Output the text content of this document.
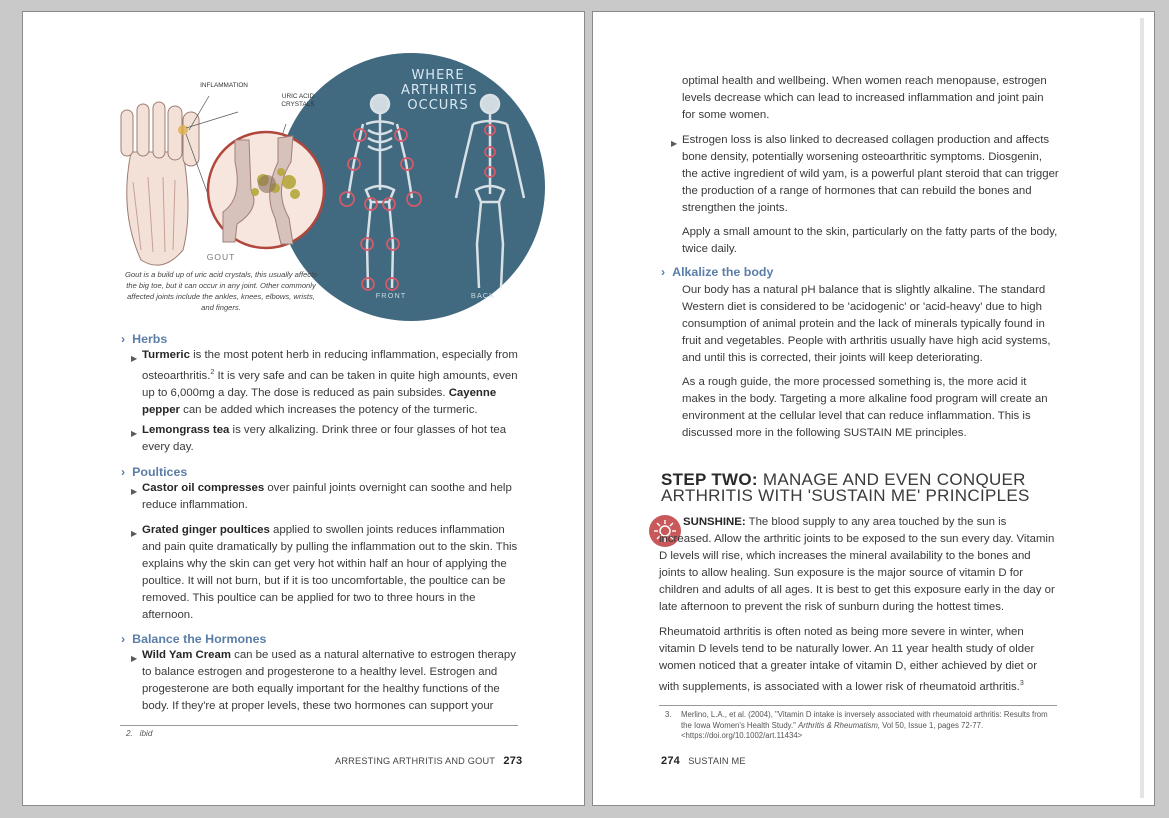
INFLAMMATION
URIC ACID
CRYSTALS
GOUT
Gout is a build up of uric acid crystals, this usually affects the big toe, but it can occur in any joint. Other commonly affected joints include the ankles, knees, elbows, wrists, and fingers.
WHERE ARTHRITIS OCCURS
FRONT	BACK
› Herbs
▶ Turmeric is the most potent herb in reducing inflammation, especially from osteoarthritis.$^2$ It is very safe and can be taken in quite high amounts, even up to 6,000mg a day. The dose is reduced as pain subsides. Cayenne pepper can be added which increases the potency of the turmeric.
▶ Lemongrass tea is very alkalizing. Drink three or four glasses of hot tea every day.
› Poultices
▶ Castor oil compresses over painful joints overnight can soothe and help reduce inflammation.
▶ Grated ginger poultices applied to swollen joints reduces inflammation and pain quite dramatically by pulling the inflammation out to the skin. This explains why the skin can get very hot within half an hour of applying the poultice. It will not burn, but if it is too uncomfortable, the poultice can be removed. This poultice can be applied for two to three hours in the afternoon.
› Balance the Hormones
▶ Wild Yam Cream can be used as a natural alternative to estrogen therapy to balance estrogen and progesterone to a healthy level. Estrogen and progesterone are both equally important for the healthy functions of the body. If they're at proper levels, these two hormones can support your
2.   ibid
ARRESTING ARTHRITIS AND GOUT 273
optimal health and wellbeing. When women reach menopause, estrogen levels decrease which can lead to increased inflammation and joint pain for some women.
▶ Estrogen loss is also linked to decreased collagen production and affects bone density, potentially worsening osteoarthritic symptoms. Diosgenin, the active ingredient of wild yam, is a powerful plant steroid that can trigger the production of a range of hormones that can rebuild the bones and strengthen the joints.
Apply a small amount to the skin, particularly on the fatty parts of the body, twice daily.
› Alkalize the body
Our body has a natural pH balance that is slightly alkaline. The standard Western diet is considered to be 'acidogenic' or 'acid-heavy' due to high consumption of animal protein and the lack of minerals typically found in fruit and vegetables. People with arthritis usually have high acid systems, and until this is corrected, their joints will keep deteriorating.
As a rough guide, the more processed something is, the more acid it makes in the body. Targeting a more alkaline food program will create an environment at the cellular level that can reduce inflammation. This is discussed more in the following SUSTAIN ME principles.
STEP TWO: MANAGE AND EVEN CONQUER
ARTHRITIS WITH 'SUSTAIN ME' PRINCIPLES
SUNSHINE: The blood supply to any area touched by the sun is increased. Allow the arthritic joints to be exposed to the sun every day. Vitamin D levels will rise, which increases the mineral availability to the bones and joints to allow healing. Sun exposure is the major source of vitamin D for children and adults of all ages. It is best to get this exposure early in the day or late afternoon to prevent the risk of sunburn during the hottest times.
Rheumatoid arthritis is often noted as being more severe in winter, when vitamin D levels tend to be naturally lower. An 11 year health study of older women noticed that a greater intake of vitamin D, either achieved by diet or with supplements, is associated with a lower risk of rheumatoid arthritis.$^3$
3. Merlino, L.A., et al. (2004), "Vitamin D intake is inversely associated with rheumatoid arthritis: Results from the Iowa Women's Health Study." Arthritis & Rheumatism, Vol 50, Issue 1, pages 72-77. <https://doi.org/10.1002/art.11434>
274 SUSTAIN ME
